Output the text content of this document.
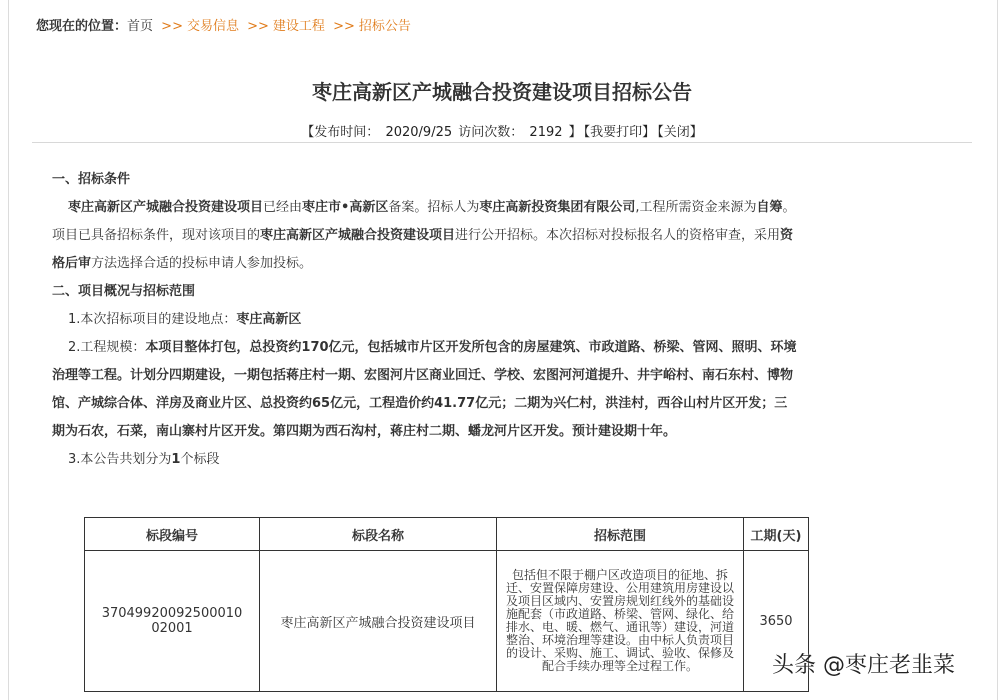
您现在的位置：首页 >> 交易信息 >> 建设工程 >> 招标公告
枣庄高新区产城融合投资建设项目招标公告
【发布时间： 2020/9/25 访问次数： 2192 】 【我要打印】 【关闭】

一、招标条件

枣庄高新区产城融合投资建设项目已经由枣庄市•高新区备案。招标人为枣庄高新投资集团有限公司,工程所需资金来源为自筹。项目已具备招标条件，现对该项目的枣庄高新区产城融合投资建设项目进行公开招标。本次招标对投标报名人的资格审查，采用资格后审方法选择合适的投标申请人参加投标。

二、项目概况与招标范围

1.本次招标项目的建设地点：枣庄高新区

2.工程规模：本项目整体打包，总投资约170亿元，包括城市片区开发所包含的房屋建筑、市政道路、桥梁、管网、照明、环境治理等工程。计划分四期建设，一期包括蒋庄村一期、宏图河片区商业回迁、学校、宏图河河道提升、井宇峪村、南石东村、博物馆、产城综合体、洋房及商业片区、总投资约65亿元，工程造价约41.77亿元；二期为兴仁村，洪洼村，西谷山村片区开发；三期为石农，石菜，南山寨村片区开发。第四期为西石沟村，蒋庄村二期、蟠龙河片区开发。预计建设期十年。

3.本公告共划分为1个标段

标段编号	标段名称	招标范围	工期(天)
37049920092500010 02001	枣庄高新区产城融合投资建设项目	包括但不限于棚户区改造项目的征地、拆迁、安置保障房建设、公用建筑用房建设以及项目区域内、安置房规划红线外的基础设施配套（市政道路、桥梁、管网、绿化、给排水、电、暖、燃气、通讯等）建设，河道整治、环境治理等建设。由中标人负责项目的设计、采购、施工、调试、验收、保修及配合手续办理等全过程工作。	3650
头条 @枣庄老韭菜
